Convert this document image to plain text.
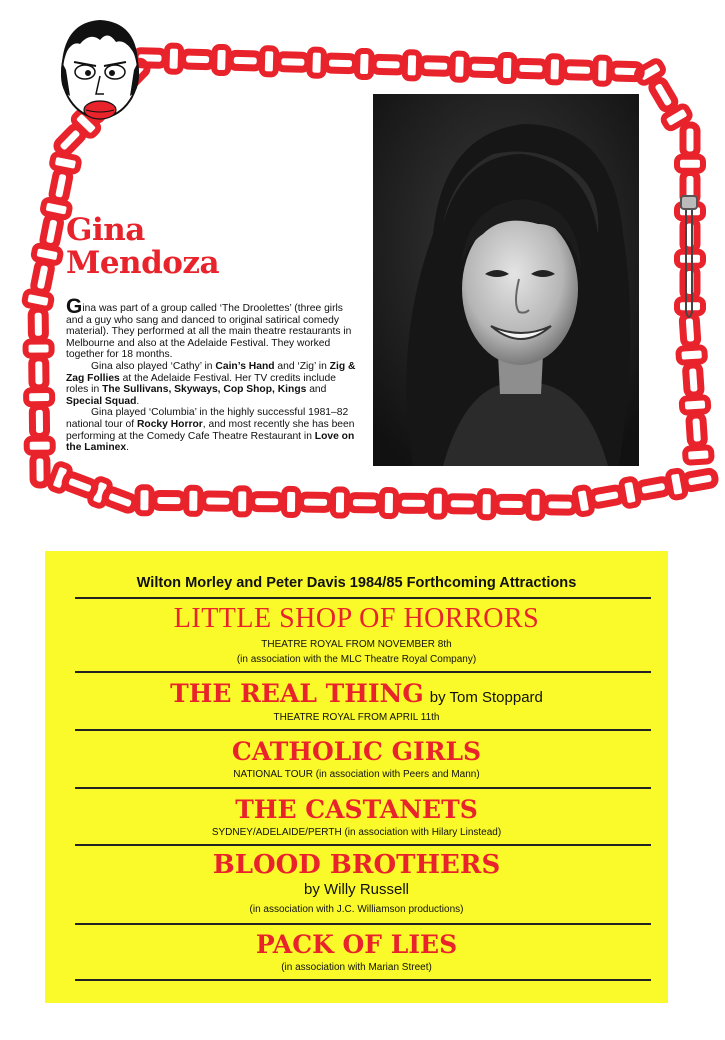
Gina
Mendoza

Gina was part of a group called ‘The Droolettes’ (three girls and a guy who sang and danced to original satirical comedy material). They performed at all the main theatre restaurants in Melbourne and also at the Adelaide Festival. They worked together for 18 months.

Gina also played ‘Cathy’ in Cain’s Hand and ‘Zig’ in Zig & Zag Follies at the Adelaide Festival. Her TV credits include roles in The Sullivans, Skyways, Cop Shop, Kings and Special Squad.

Gina played ‘Columbia’ in the highly successful 1981–82 national tour of Rocky Horror, and most recently she has been performing at the Comedy Cafe Theatre Restaurant in Love on the Laminex.

Wilton Morley and Peter Davis 1984/85 Forthcoming Attractions
LITTLE SHOP OF HORRORS
THEATRE ROYAL FROM NOVEMBER 8th
(in association with the MLC Theatre Royal Company)
THE REAL THING by Tom Stoppard
THEATRE ROYAL FROM APRIL 11th
CATHOLIC GIRLS
NATIONAL TOUR (in association with Peers and Mann)
THE CASTANETS
SYDNEY/ADELAIDE/PERTH (in association with Hilary Linstead)
BLOOD BROTHERS
by Willy Russell
(in association with J.C. Williamson productions)
PACK OF LIES
(in association with Marian Street)
